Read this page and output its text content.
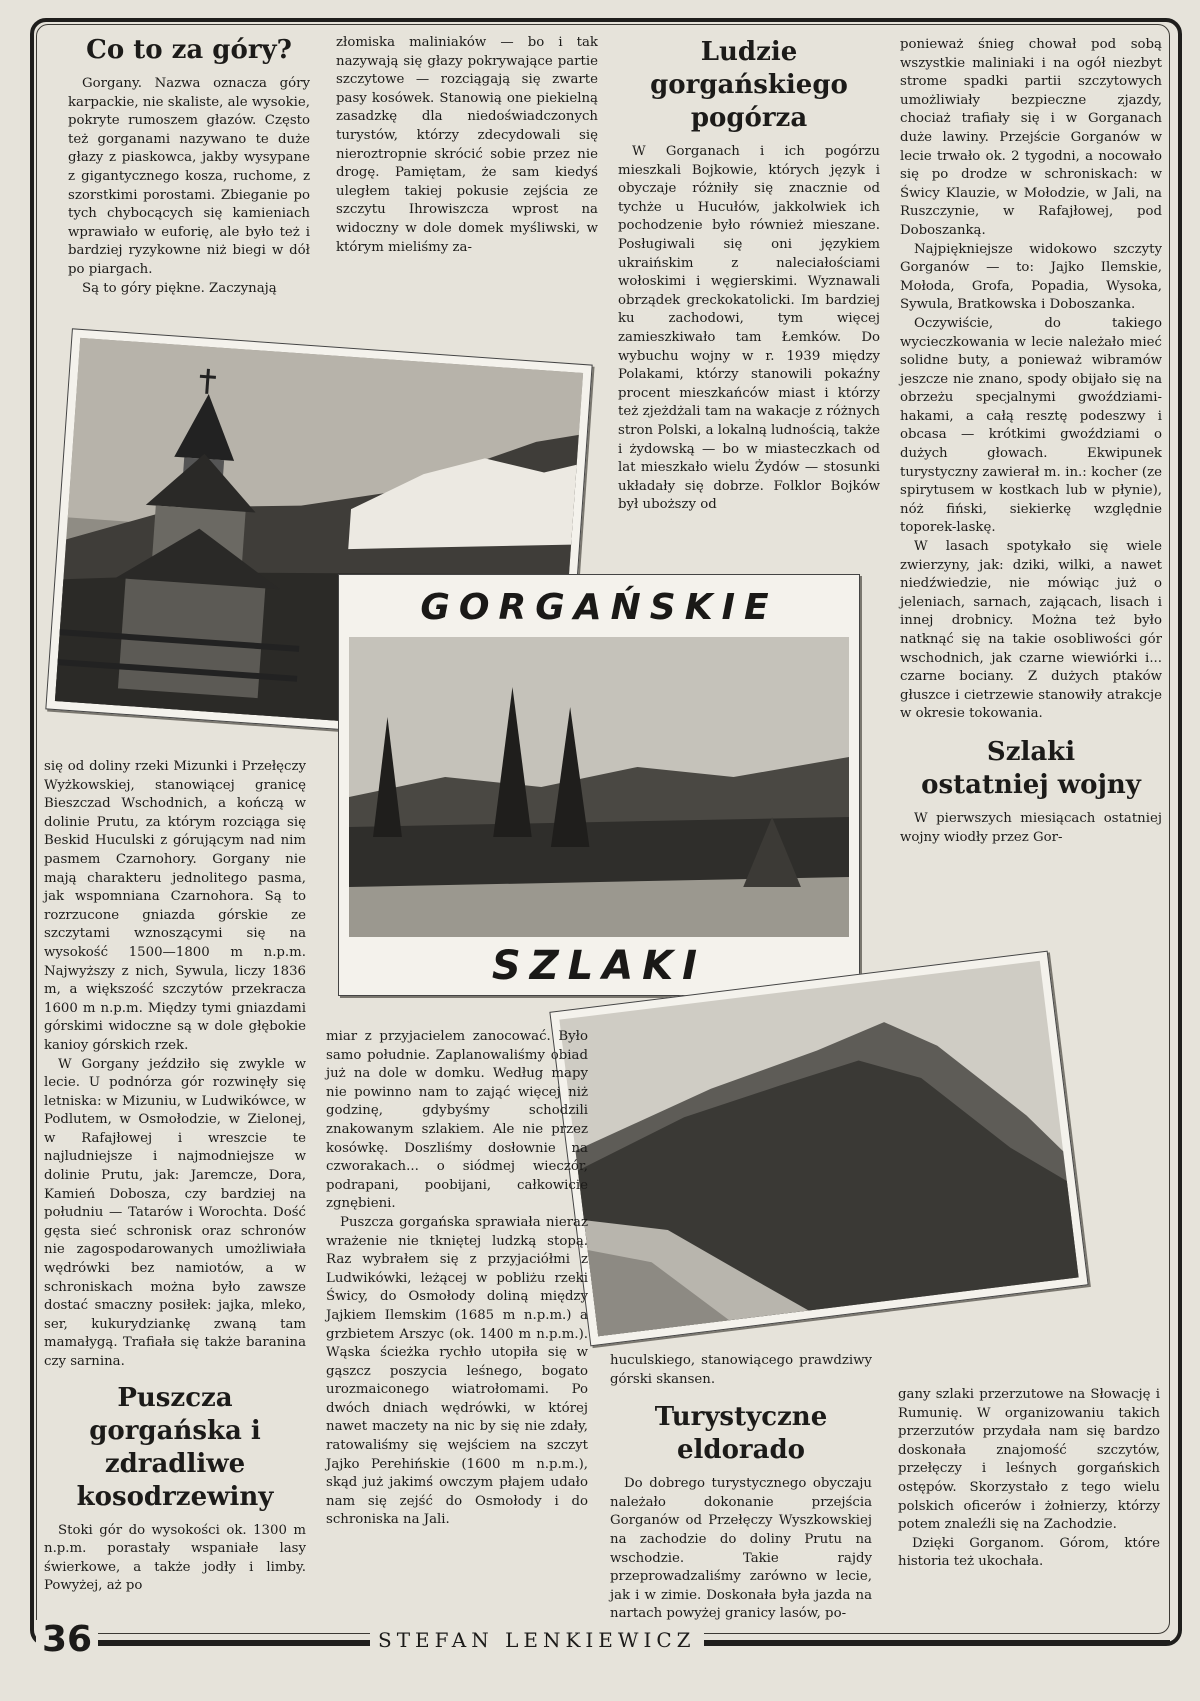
Co to za góry?

Gorgany. Nazwa oznacza góry karpackie, nie skaliste, ale wysokie, pokryte rumoszem głazów. Często też gorganami nazywano te duże głazy z piaskowca, jakby wysypane z gigantycznego kosza, ruchome, z szorstkimi porostami. Zbieganie po tych chybocących się kamieniach wprawiało w euforię, ale było też i bardziej ryzykowne niż biegi w dół po piargach.

Są to góry piękne. Zaczynają

złomiska maliniaków — bo i tak nazywają się głazy pokrywające partie szczytowe — rozciągają się zwarte pasy kosówek. Stanowią one piekielną zasadzkę dla niedoświadczonych turystów, którzy zdecydowali się nieroztropnie skrócić sobie przez nie drogę. Pamiętam, że sam kiedyś uległem takiej pokusie zejścia ze szczytu Ihrowiszcza wprost na widoczny w dole domek myśliwski, w którym mieliśmy za-

Ludzie gorgańskiego pogórza

W Gorganach i ich pogórzu mieszkali Bojkowie, których język i obyczaje różniły się znacznie od tychże u Hucułów, jakkolwiek ich pochodzenie było również mieszane. Posługiwali się oni językiem ukraińskim z naleciałościami wołoskimi i węgierskimi. Wyznawali obrządek greckokatolicki. Im bardziej ku zachodowi, tym więcej zamieszkiwało tam Łemków. Do wybuchu wojny w r. 1939 między Polakami, którzy stanowili pokaźny procent mieszkańców miast i którzy też zjeżdżali tam na wakacje z różnych stron Polski, a lokalną ludnością, także i żydowską — bo w miasteczkach od lat mieszkało wielu Żydów — stosunki układały się dobrze. Folklor Bojków był uboższy od

ponieważ śnieg chował pod sobą wszystkie maliniaki i na ogół niezbyt strome spadki partii szczytowych umożliwiały bezpieczne zjazdy, chociaż trafiały się i w Gorganach duże lawiny. Przejście Gorganów w lecie trwało ok. 2 tygodni, a nocowało się po drodze w schroniskach: w Świcy Klauzie, w Mołodzie, w Jali, na Ruszczynie, w Rafajłowej, pod Doboszanką.

Najpiękniejsze widokowo szczyty Gorganów — to: Jajko Ilemskie, Mołoda, Grofa, Popadia, Wysoka, Sywula, Bratkowska i Doboszanka.

Oczywiście, do takiego wycieczkowania w lecie należało mieć solidne buty, a ponieważ wibramów jeszcze nie znano, spody obijało się na obrzeżu specjalnymi gwoździami-hakami, a całą resztę podeszwy i obcasa — krótkimi gwoździami o dużych głowach. Ekwipunek turystyczny zawierał m. in.: kocher (ze spirytusem w kostkach lub w płynie), nóż fiński, siekierkę względnie toporek-laskę.

W lasach spotykało się wiele zwierzyny, jak: dziki, wilki, a nawet niedźwiedzie, nie mówiąc już o jeleniach, sarnach, zającach, lisach i innej drobnicy. Można też było natknąć się na takie osobliwości gór wschodnich, jak czarne wiewiórki i... czarne bociany. Z dużych ptaków głuszce i cietrzewie stanowiły atrakcje w okresie tokowania.

Szlaki ostatniej wojny

W pierwszych miesiącach ostatniej wojny wiodły przez Gor-

GORGAŃSKIE
SZLAKI

się od doliny rzeki Mizunki i Przełęczy Wyżkowskiej, stanowiącej granicę Bieszczad Wschodnich, a kończą w dolinie Prutu, za którym rozciąga się Beskid Huculski z górującym nad nim pasmem Czarnohory. Gorgany nie mają charakteru jednolitego pasma, jak wspomniana Czarnohora. Są to rozrzucone gniazda górskie ze szczytami wznoszącymi się na wysokość 1500—1800 m n.p.m. Najwyższy z nich, Sywula, liczy 1836 m, a większość szczytów przekracza 1600 m n.p.m. Między tymi gniazdami górskimi widoczne są w dole głębokie kanioy górskich rzek.

W Gorgany jeździło się zwykle w lecie. U podnórza gór rozwinęły się letniska: w Mizuniu, w Ludwikówce, w Podlutem, w Osmołodzie, w Zielonej, w Rafajłowej i wreszcie te najludniejsze i najmodniejsze w dolinie Prutu, jak: Jaremcze, Dora, Kamień Dobosza, czy bardziej na południu — Tatarów i Worochta. Dość gęsta sieć schronisk oraz schronów nie zagospodarowanych umożliwiała wędrówki bez namiotów, a w schroniskach można było zawsze dostać smaczny posiłek: jajka, mleko, ser, kukurydziankę zwaną tam mamałygą. Trafiała się także baranina czy sarnina.

Puszcza gorgańska i zdradliwe kosodrzewiny

Stoki gór do wysokości ok. 1300 m n.p.m. porastały wspaniałe lasy świerkowe, a także jodły i limby. Powyżej, aż po

miar z przyjacielem zanocować. Było samo południe. Zaplanowaliśmy obiad już na dole w domku. Według mapy nie powinno nam to zająć więcej niż godzinę, gdybyśmy schodzili znakowanym szlakiem. Ale nie przez kosówkę. Doszliśmy dosłownie na czworakach... o siódmej wieczór, podrapani, poobijani, całkowicie zgnębieni.

Puszcza gorgańska sprawiała nieraz wrażenie nie tkniętej ludzką stopą. Raz wybrałem się z przyjaciółmi z Ludwikówki, leżącej w pobliżu rzeki Świcy, do Osmołody doliną między Jajkiem Ilemskim (1685 m n.p.m.) a grzbietem Arszyc (ok. 1400 m n.p.m.). Wąska ścieżka rychło utopiła się w gąszcz poszycia leśnego, bogato urozmaiconego wiatrołomami. Po dwóch dniach wędrówki, w której nawet maczety na nic by się nie zdały, ratowaliśmy się wejściem na szczyt Jajko Perehińskie (1600 m n.p.m.), skąd już jakimś owczym płajem udało nam się zejść do Osmołody i do schroniska na Jali.

huculskiego, stanowiącego prawdziwy górski skansen.

Turystyczne eldorado

Do dobrego turystycznego obyczaju należało dokonanie przejścia Gorganów od Przełęczy Wyszkowskiej na zachodzie do doliny Prutu na wschodzie. Takie rajdy przeprowadzaliśmy zarówno w lecie, jak i w zimie. Doskonała była jazda na nartach powyżej granicy lasów, po-

gany szlaki przerzutowe na Słowację i Rumunię. W organizowaniu takich przerzutów przydała nam się bardzo doskonała znajomość szczytów, przełęczy i leśnych gorgańskich ostępów. Skorzystało z tego wielu polskich oficerów i żołnierzy, którzy potem znaleźli się na Zachodzie.

Dzięki Gorganom. Górom, które historia też ukochała.

36	STEFAN LENKIEWICZ
